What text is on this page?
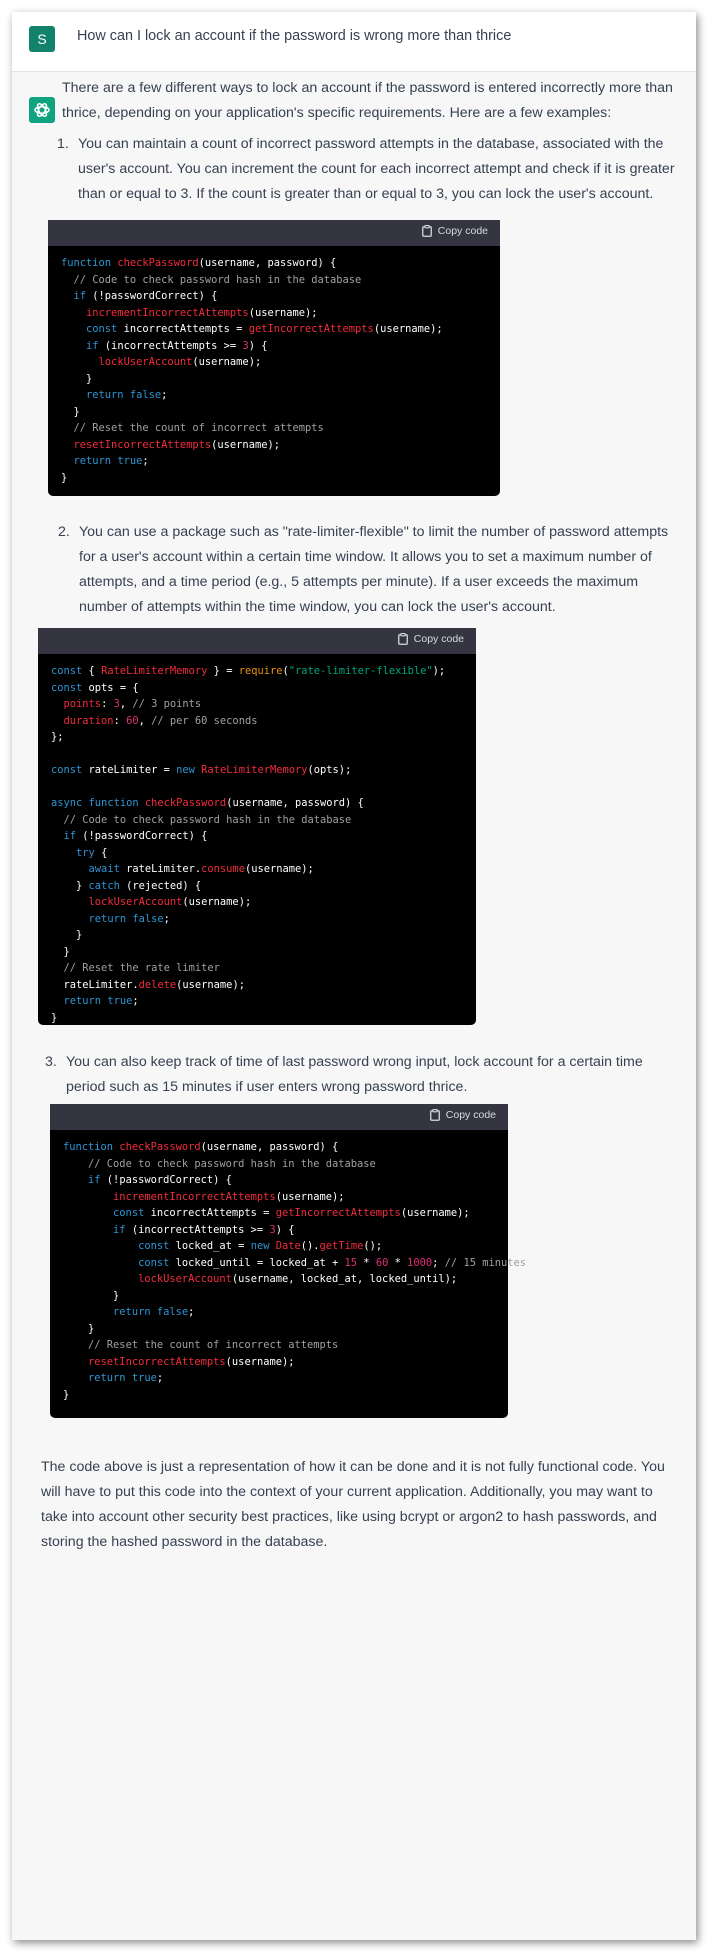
S	How can I lock an account if the password is wrong more than thrice
There are a few different ways to lock an account if the password is entered incorrectly more than thrice, depending on your application's specific requirements. Here are a few examples:
1. You can maintain a count of incorrect password attempts in the database, associated with the user's account. You can increment the count for each incorrect attempt and check if it is greater than or equal to 3. If the count is greater than or equal to 3, you can lock the user's account.
Copy code
function checkPassword(username, password) {
// Code to check password hash in the database
if (!passwordCorrect) {
incrementIncorrectAttempts(username);
const incorrectAttempts = getIncorrectAttempts(username);
if (incorrectAttempts >= 3) {
lockUserAccount(username);
}
return false;
}
// Reset the count of incorrect attempts
resetIncorrectAttempts(username);
return true;
}
2. You can use a package such as "rate-limiter-flexible" to limit the number of password attempts for a user's account within a certain time window. It allows you to set a maximum number of attempts, and a time period (e.g., 5 attempts per minute). If a user exceeds the maximum number of attempts within the time window, you can lock the user's account.
Copy code
const { RateLimiterMemory } = require("rate-limiter-flexible");
const opts = {
points: 3, // 3 points
duration: 60, // per 60 seconds
};

const rateLimiter = new RateLimiterMemory(opts);

async function checkPassword(username, password) {
// Code to check password hash in the database
if (!passwordCorrect) {
try {
await rateLimiter.consume(username);
} catch (rejected) {
lockUserAccount(username);
return false;
}
}
// Reset the rate limiter
rateLimiter.delete(username);
return true;
}
3. You can also keep track of time of last password wrong input, lock account for a certain time period such as 15 minutes if user enters wrong password thrice.
Copy code
function checkPassword(username, password) {
// Code to check password hash in the database
if (!passwordCorrect) {
incrementIncorrectAttempts(username);
const incorrectAttempts = getIncorrectAttempts(username);
if (incorrectAttempts >= 3) {
const locked_at = new Date().getTime();
const locked_until = locked_at + 15 * 60 * 1000; // 15 minutes
lockUserAccount(username, locked_at, locked_until);
}
return false;
}
// Reset the count of incorrect attempts
resetIncorrectAttempts(username);
return true;
}
The code above is just a representation of how it can be done and it is not fully functional code. You will have to put this code into the context of your current application. Additionally, you may want to take into account other security best practices, like using bcrypt or argon2 to hash passwords, and storing the hashed password in the database.
